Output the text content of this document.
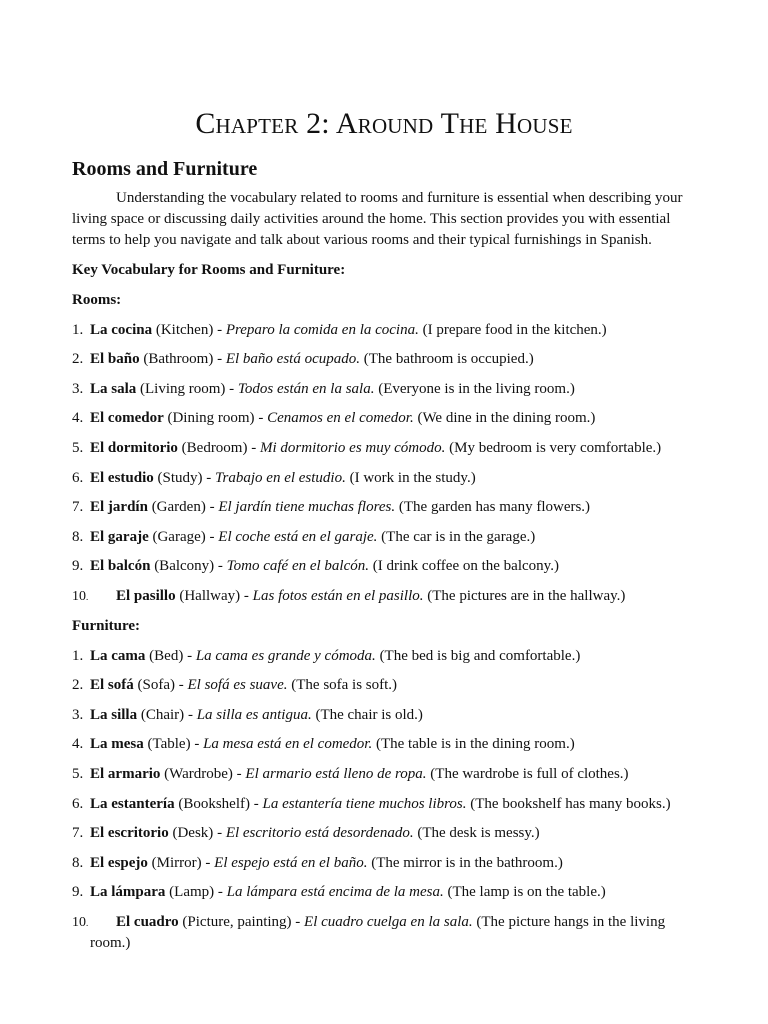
Chapter 2: Around The House
Rooms and Furniture

Understanding the vocabulary related to rooms and furniture is essential when describing your living space or discussing daily activities around the home. This section provides you with essential terms to help you navigate and talk about various rooms and their typical furnishings in Spanish.

Key Vocabulary for Rooms and Furniture:

Rooms:

1. La cocina (Kitchen) - Preparo la comida en la cocina. (I prepare food in the kitchen.)
2. El baño (Bathroom) - El baño está ocupado. (The bathroom is occupied.)
3. La sala (Living room) - Todos están en la sala. (Everyone is in the living room.)
4. El comedor (Dining room) - Cenamos en el comedor. (We dine in the dining room.)
5. El dormitorio (Bedroom) - Mi dormitorio es muy cómodo. (My bedroom is very comfortable.)
6. El estudio (Study) - Trabajo en el estudio. (I work in the study.)
7. El jardín (Garden) - El jardín tiene muchas flores. (The garden has many flowers.)
8. El garaje (Garage) - El coche está en el garaje. (The car is in the garage.)
9. El balcón (Balcony) - Tomo café en el balcón. (I drink coffee on the balcony.)
10. El pasillo (Hallway) - Las fotos están en el pasillo. (The pictures are in the hallway.)

Furniture:

1. La cama (Bed) - La cama es grande y cómoda. (The bed is big and comfortable.)
2. El sofá (Sofa) - El sofá es suave. (The sofa is soft.)
3. La silla (Chair) - La silla es antigua. (The chair is old.)
4. La mesa (Table) - La mesa está en el comedor. (The table is in the dining room.)
5. El armario (Wardrobe) - El armario está lleno de ropa. (The wardrobe is full of clothes.)
6. La estantería (Bookshelf) - La estantería tiene muchos libros. (The bookshelf has many books.)
7. El escritorio (Desk) - El escritorio está desordenado. (The desk is messy.)
8. El espejo (Mirror) - El espejo está en el baño. (The mirror is in the bathroom.)
9. La lámpara (Lamp) - La lámpara está encima de la mesa. (The lamp is on the table.)
10. El cuadro (Picture, painting) - El cuadro cuelga en la sala. (The picture hangs in the living room.)
